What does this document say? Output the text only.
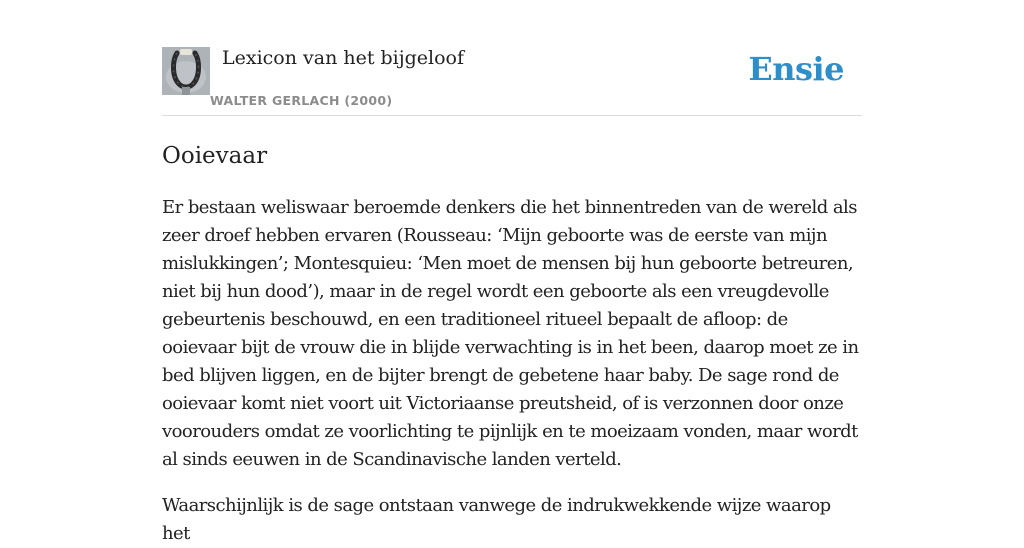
Lexicon van het bijgeloof
WALTER GERLACH (2000)
Ensie
Ooievaar

Er bestaan weliswaar beroemde denkers die het binnentreden van de wereld als zeer droef hebben ervaren (Rousseau: ‘Mijn geboorte was de eerste van mijn mislukkingen’; Montesquieu: ‘Men moet de mensen bij hun geboorte betreuren, niet bij hun dood’), maar in de regel wordt een geboorte als een vreugdevolle gebeurtenis beschouwd, en een traditioneel ritueel bepaalt de afloop: de ooievaar bijt de vrouw die in blijde verwachting is in het been, daarop moet ze in bed blijven liggen, en de bijter brengt de gebetene haar baby. De sage rond de ooievaar komt niet voort uit Victoriaanse preutsheid, of is verzonnen door onze voorouders omdat ze voorlichting te pijnlijk en te moeizaam vonden, maar wordt al sinds eeuwen in de Scandinavische landen verteld.

Waarschijnlijk is de sage ontstaan vanwege de indrukwekkende wijze waarop het
